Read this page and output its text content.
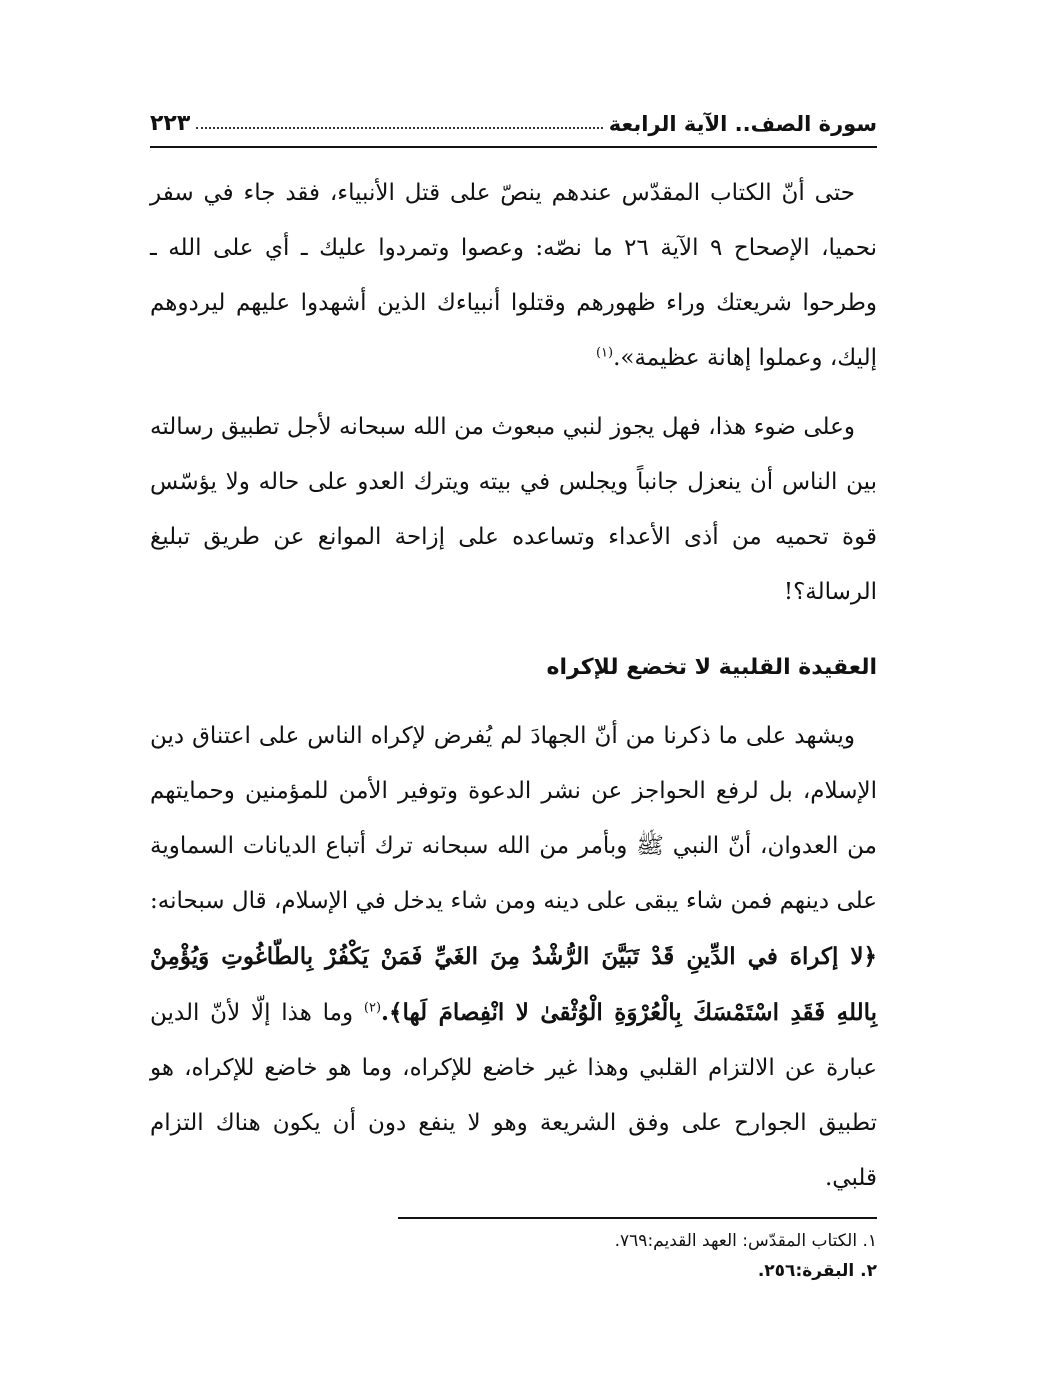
سورة الصف.. الآية الرابعة
٢٢٣

حتى أنّ الكتاب المقدّس عندهم ينصّ على قتل الأنبياء، فقد جاء في سفر نحميا، الإصحاح ٩ الآية ٢٦ ما نصّه: وعصوا وتمردوا عليك ـ أي على الله ـ وطرحوا شريعتك وراء ظهورهم وقتلوا أنبياءك الذين أشهدوا عليهم ليردوهم إليك، وعملوا إهانة عظيمة».$^{(١)}$

وعلى ضوء هذا، فهل يجوز لنبي مبعوث من الله سبحانه لأجل تطبيق رسالته بين الناس أن ينعزل جانباً ويجلس في بيته ويترك العدو على حاله ولا يؤسّس قوة تحميه من أذى الأعداء وتساعده على إزاحة الموانع عن طريق تبليغ الرسالة؟!

العقيدة القلبية لا تخضع للإكراه

ويشهد على ما ذكرنا من أنّ الجهادَ لم يُفرض لإكراه الناس على اعتناق دين الإسلام، بل لرفع الحواجز عن نشر الدعوة وتوفير الأمن للمؤمنين وحمايتهم من العدوان، أنّ النبي ﷺ وبأمر من الله سبحانه ترك أتباع الديانات السماوية على دينهم فمن شاء يبقى على دينه ومن شاء يدخل في الإسلام، قال سبحانه: ﴿لا إكراهَ في الدِّينِ قَدْ تَبَيَّنَ الرُّشْدُ مِنَ الغَيِّ فَمَنْ يَكْفُرْ بِالطّاغُوتِ وَيُؤْمِنْ بِاللهِ فَقَدِ اسْتَمْسَكَ بِالْعُرْوَةِ الْوُثْقىٰ لا انْفِصامَ لَها﴾.$^{(٢)}$ وما هذا إلّا لأنّ الدين عبارة عن الالتزام القلبي وهذا غير خاضع للإكراه، وما هو خاضع للإكراه، هو تطبيق الجوارح على وفق الشريعة وهو لا ينفع دون أن يكون هناك التزام قلبي.

١. الكتاب المقدّس: العهد القديم:٧٦٩.
٢. البقرة:٢٥٦.
